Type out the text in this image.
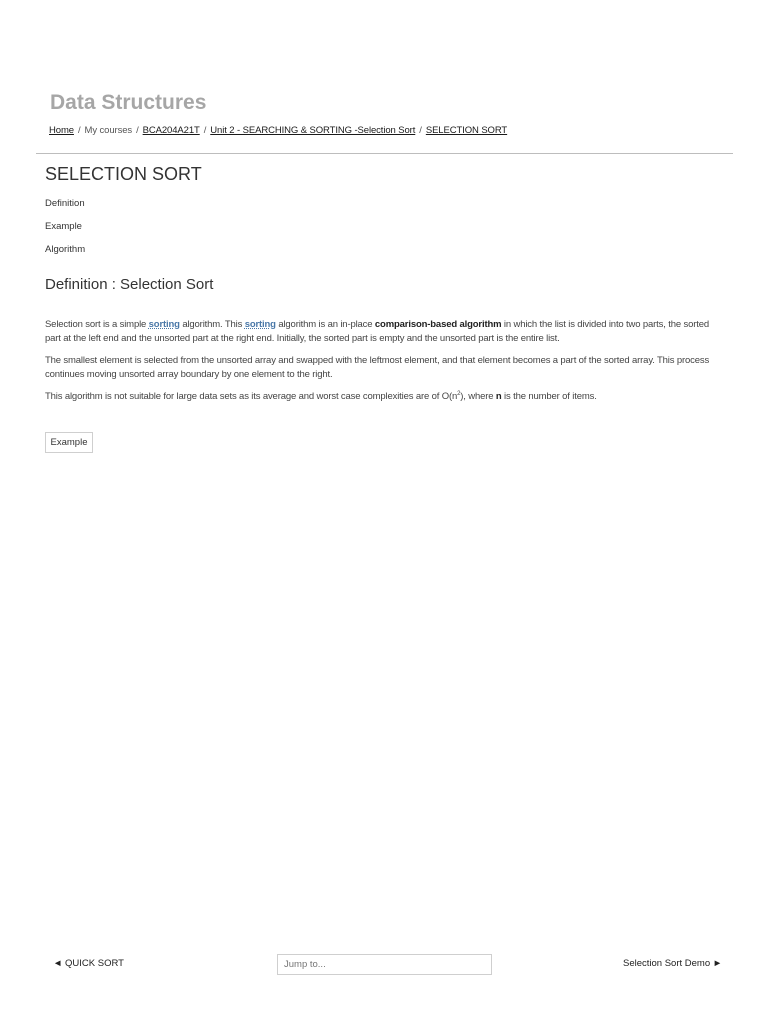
Data Structures
Home / My courses / BCA204A21T / Unit 2 - SEARCHING & SORTING -Selection Sort / SELECTION SORT
SELECTION SORT
Definition
Example
Algorithm
Definition : Selection Sort

Selection sort is a simple sorting algorithm. This sorting algorithm is an in-place comparison-based algorithm in which the list is divided into two parts, the sorted part at the left end and the unsorted part at the right end. Initially, the sorted part is empty and the unsorted part is the entire list.

The smallest element is selected from the unsorted array and swapped with the leftmost element, and that element becomes a part of the sorted array. This process continues moving unsorted array boundary by one element to the right.

This algorithm is not suitable for large data sets as its average and worst case complexities are of $O(n^2)$, where n is the number of items.

Example
◄ QUICK SORT
Jump to...	Selection Sort Demo ►
